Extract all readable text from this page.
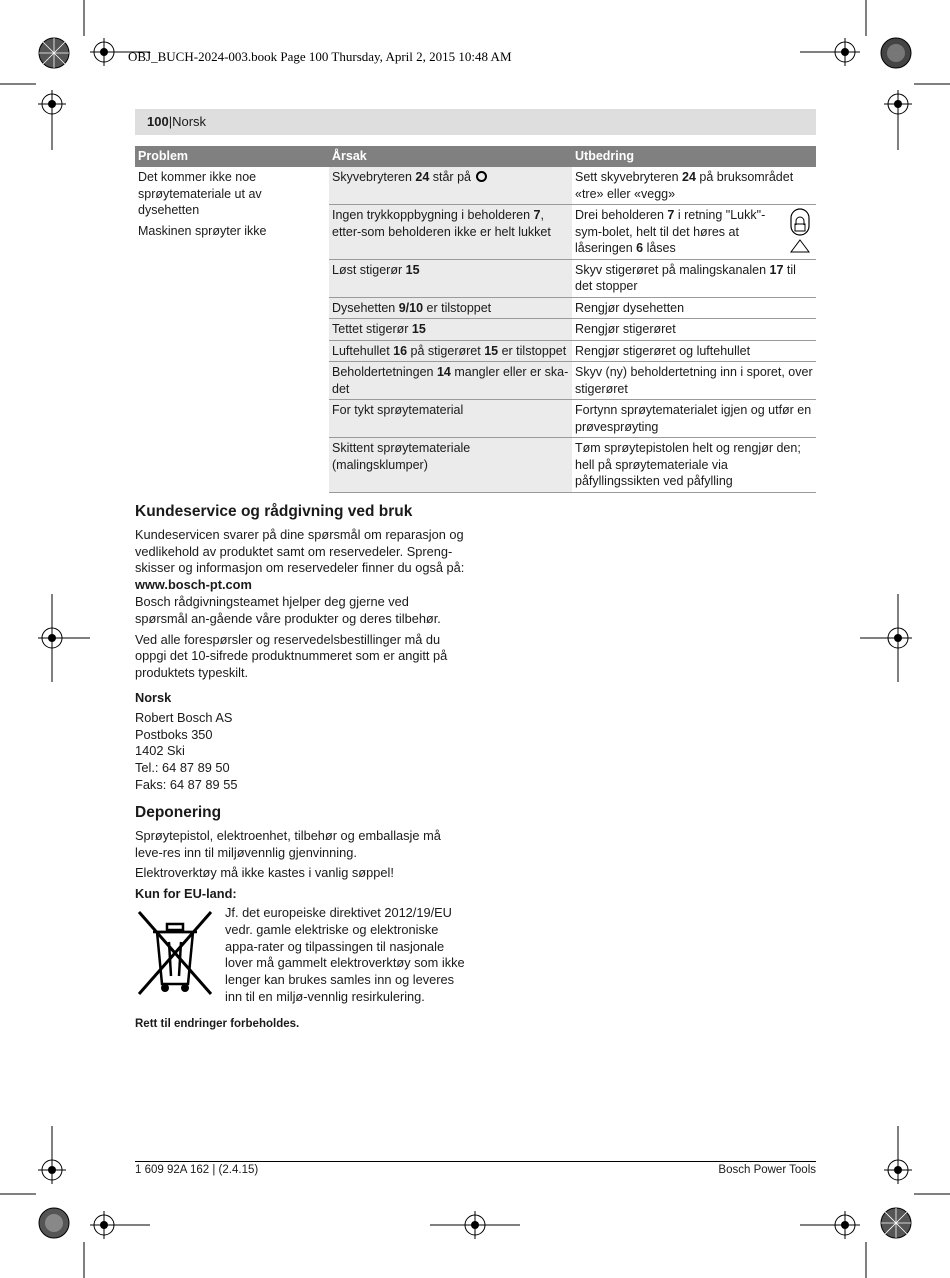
OBJ_BUCH-2024-003.book Page 100 Thursday, April 2, 2015 10:48 AM
100|Norsk
Problem	Årsak	Utbedring

Det kommer ikke noe sprøytemateriale ut av dysehetten
Maskinen sprøyter ikke	Skyvebryteren 24 står på	Sett skyvebryteren 24 på bruksområdet «tre» eller «vegg»
	Ingen trykkoppbygning i beholderen 7, etter-som beholderen ikke er helt lukket	Drei beholderen 7 i retning "Lukk"-sym-bolet, helt til det høres at låseringen 6 låses
	Løst stigerør 15	Skyv stigerøret på malingskanalen 17 til det stopper
	Dysehetten 9/10 er tilstoppet	Rengjør dysehetten
	Tettet stigerør 15	Rengjør stigerøret
	Luftehullet 16 på stigerøret 15 er tilstoppet	Rengjør stigerøret og luftehullet
	Beholdertetningen 14 mangler eller er ska-det	Skyv (ny) beholdertetning inn i sporet, over stigerøret
	For tykt sprøytematerial	Fortynn sprøytematerialet igjen og utfør en prøvesprøyting
	Skittent sprøytemateriale (malingsklumper)	Tøm sprøytepistolen helt og rengjør den; hell på sprøytemateriale via påfyllingssikten ved påfylling
Kundeservice og rådgivning ved bruk

Kundeservicen svarer på dine spørsmål om reparasjon og vedlikehold av produktet samt om reservedeler. Spreng-skisser og informasjon om reservedeler finner du også på:
www.bosch-pt.com

Bosch rådgivningsteamet hjelper deg gjerne ved spørsmål an-gående våre produkter og deres tilbehør.

Ved alle forespørsler og reservedelsbestillinger må du oppgi det 10-sifrede produktnummeret som er angitt på produktets typeskilt.

Norsk
Robert Bosch AS
Postboks 350
1402 Ski
Tel.: 64 87 89 50
Faks: 64 87 89 55
Deponering

Sprøytepistol, elektroenhet, tilbehør og emballasje må leve-res inn til miljøvennlig gjenvinning.

Elektroverktøy må ikke kastes i vanlig søppel!

Kun for EU-land:
Jf. det europeiske direktivet 2012/19/EU vedr. gamle elektriske og elektroniske appa-rater og tilpassingen til nasjonale lover må gammelt elektroverktøy som ikke lenger kan brukes samles inn og leveres inn til en miljø-vennlig resirkulering.
Rett til endringer forbeholdes.
1 609 92A 162 | (2.4.15)	Bosch Power Tools
